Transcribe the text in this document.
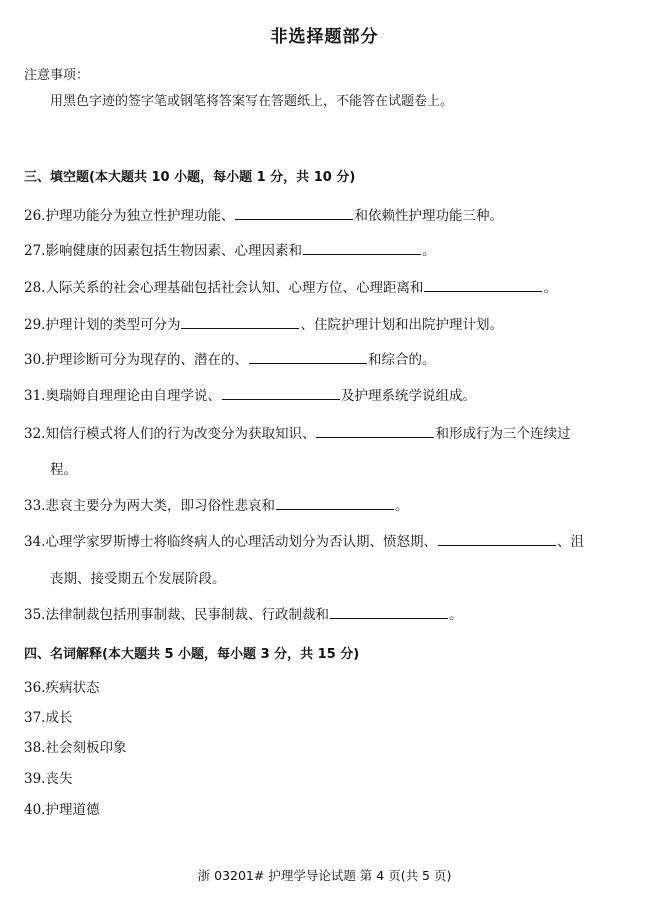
非选择题部分
注意事项：
用黑色字迹的签字笔或钢笔将答案写在答题纸上，不能答在试题卷上。
三、填空题(本大题共 10 小题，每小题 1 分，共 10 分)
26.护理功能分为独立性护理功能、	和依赖性护理功能三种。
27.影响健康的因素包括生物因素、心理因素和	。
28.人际关系的社会心理基础包括社会认知、心理方位、心理距离和	。
29.护理计划的类型可分为	、住院护理计划和出院护理计划。
30.护理诊断可分为现存的、潜在的、	和综合的。
31.奥瑞姆自理理论由自理学说、	及护理系统学说组成。
32.知信行模式将人们的行为改变分为获取知识、	和形成行为三个连续过
程。
33.悲哀主要分为两大类，即习俗性悲哀和	。
34.心理学家罗斯博士将临终病人的心理活动划分为否认期、愤怒期、	、沮
丧期、接受期五个发展阶段。
35.法律制裁包括刑事制裁、民事制裁、行政制裁和	。
四、名词解释(本大题共 5 小题，每小题 3 分，共 15 分)
36.疾病状态
37.成长
38.社会刻板印象
39.丧失
40.护理道德
浙 03201# 护理学导论试题 第 4 页(共 5 页)
